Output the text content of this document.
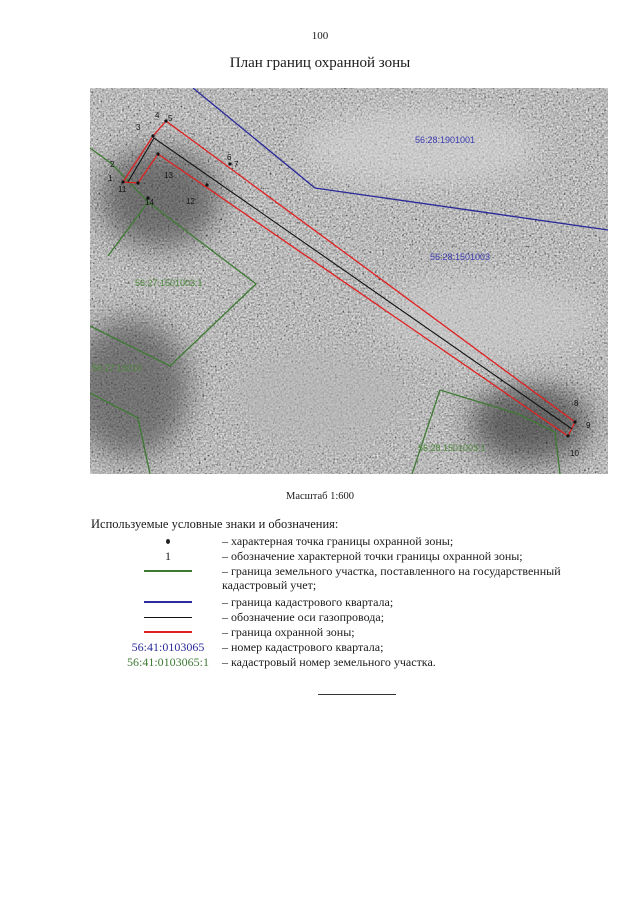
100
План границ охранной зоны
1
2
3
4 5
6
7
8
9
10
11
12
13
14
56:28:1901001
56:28:1501003
56:28:1501003:1
56:27:1501003:1
56:27:15010
Масштаб 1:600
Используемые условные знаки и обозначения:
– характерная точка границы охранной зоны;
1	– обозначение характерной точки границы охранной зоны;
– граница земельного участка, поставленного на государственный кадастровый учет;
– граница кадастрового квартала;
– обозначение оси газопровода;
– граница охранной зоны;
56:41:0103065	– номер кадастрового квартала;
56:41:0103065:1	– кадастровый номер земельного участка.
